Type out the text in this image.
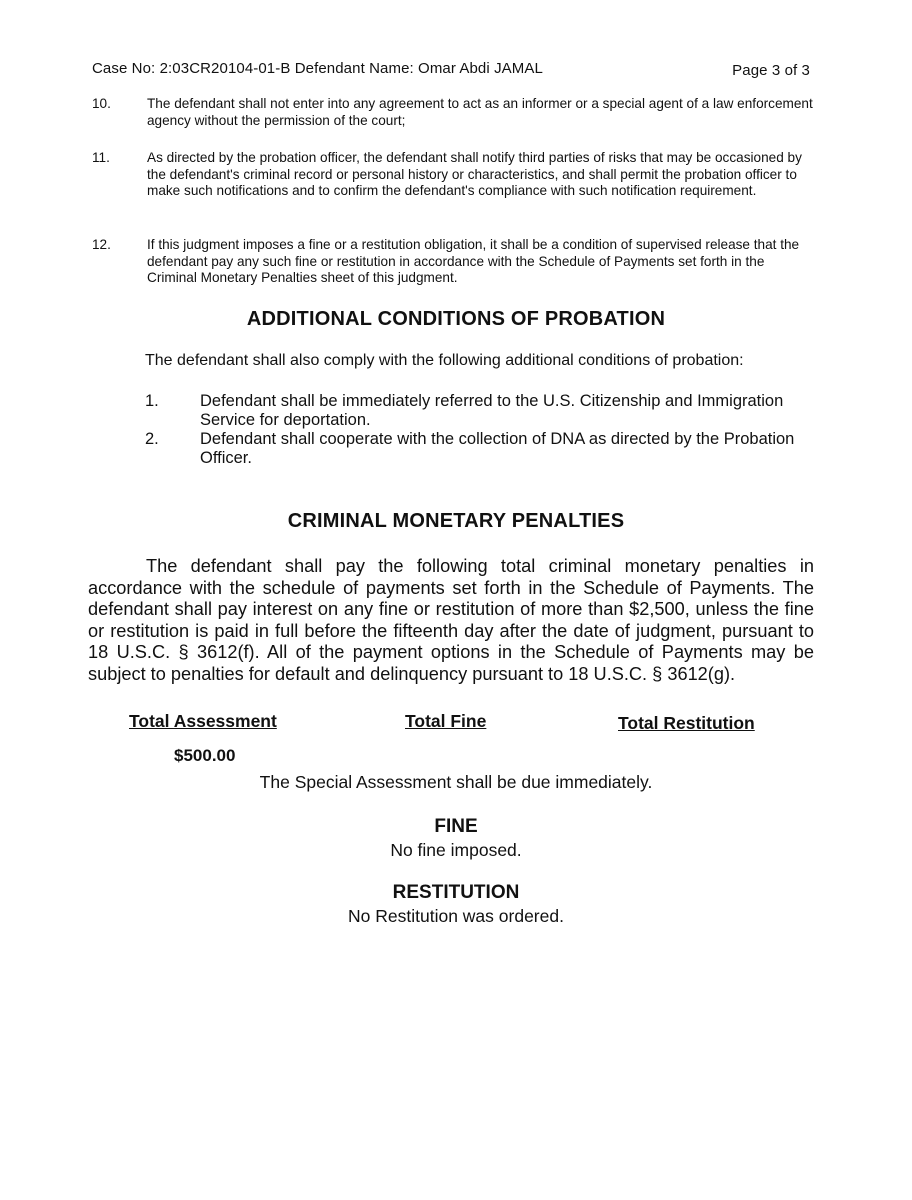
Case No: 2:03CR20104-01-B Defendant Name: Omar Abdi JAMAL	Page 3 of 3
10.	The defendant shall not enter into any agreement to act as an informer or a special agent of a law enforcement agency without the permission of the court;
11.	As directed by the probation officer, the defendant shall notify third parties of risks that may be occasioned by the defendant's criminal record or personal history or characteristics, and shall permit the probation officer to make such notifications and to confirm the defendant's compliance with such notification requirement.
12.	If this judgment imposes a fine or a restitution obligation, it shall be a condition of supervised release that the defendant pay any such fine or restitution in accordance with the Schedule of Payments set forth in the Criminal Monetary Penalties sheet of this judgment.
ADDITIONAL CONDITIONS OF PROBATION
The defendant shall also comply with the following additional conditions of probation:
1. Defendant shall be immediately referred to the U.S. Citizenship and Immigration Service for deportation.
2. Defendant shall cooperate with the collection of DNA as directed by the Probation Officer.
CRIMINAL MONETARY PENALTIES
The defendant shall pay the following total criminal monetary penalties in accordance with the schedule of payments set forth in the Schedule of Payments. The defendant shall pay interest on any fine or restitution of more than $2,500, unless the fine or restitution is paid in full before the fifteenth day after the date of judgment, pursuant to 18 U.S.C. § 3612(f). All of the payment options in the Schedule of Payments may be subject to penalties for default and delinquency pursuant to 18 U.S.C. § 3612(g).
Total Assessment	Total Fine	Total Restitution
$500.00
The Special Assessment shall be due immediately.
FINE
No fine imposed.
RESTITUTION
No Restitution was ordered.
